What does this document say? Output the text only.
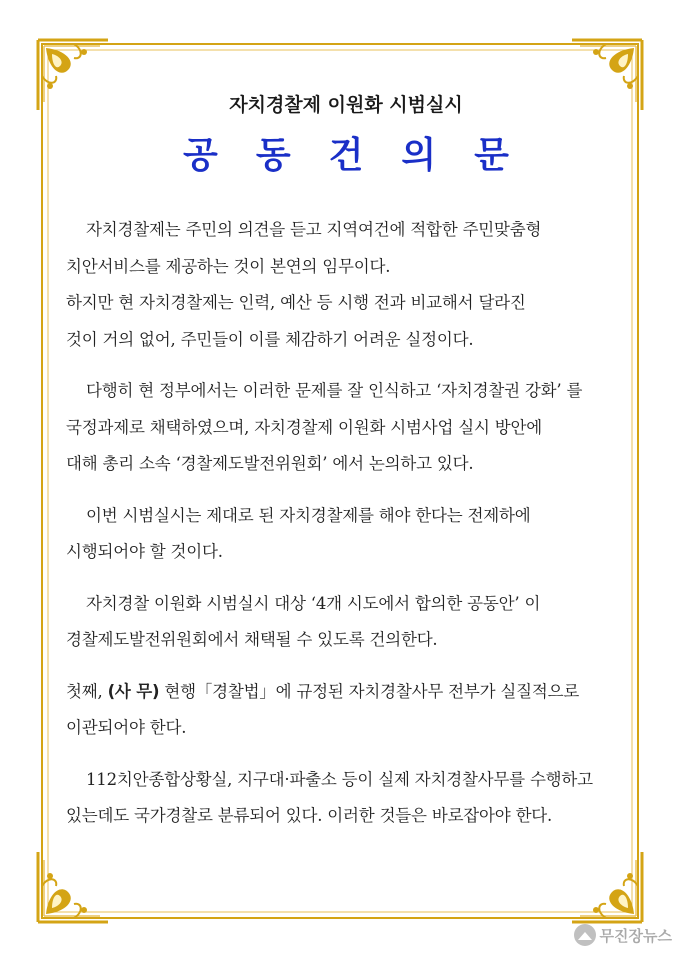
자치경찰제 이원화 시범실시

공동건의문

자치경찰제는 주민의 의견을 듣고 지역여건에 적합한 주민맞춤형
치안서비스를 제공하는 것이 본연의 임무이다.

하지만 현 자치경찰제는 인력, 예산 등 시행 전과 비교해서 달라진
것이 거의 없어, 주민들이 이를 체감하기 어려운 실정이다.

다행히 현 정부에서는 이러한 문제를 잘 인식하고 ‘자치경찰권 강화’ 를
국정과제로 채택하였으며, 자치경찰제 이원화 시범사업 실시 방안에
대해 총리 소속 ‘경찰제도발전위원회’ 에서 논의하고 있다.

이번 시범실시는 제대로 된 자치경찰제를 해야 한다는 전제하에
시행되어야 할 것이다.

자치경찰 이원화 시범실시 대상 ‘4개 시도에서 합의한 공동안’ 이
경찰제도발전위원회에서 채택될 수 있도록 건의한다.

첫째, (사 무) 현행「경찰법」에 규정된 자치경찰사무 전부가 실질적으로
이관되어야 한다.

112치안종합상황실, 지구대·파출소 등이 실제 자치경찰사무를 수행하고
있는데도 국가경찰로 분류되어 있다. 이러한 것들은 바로잡아야 한다.

무진장뉴스
